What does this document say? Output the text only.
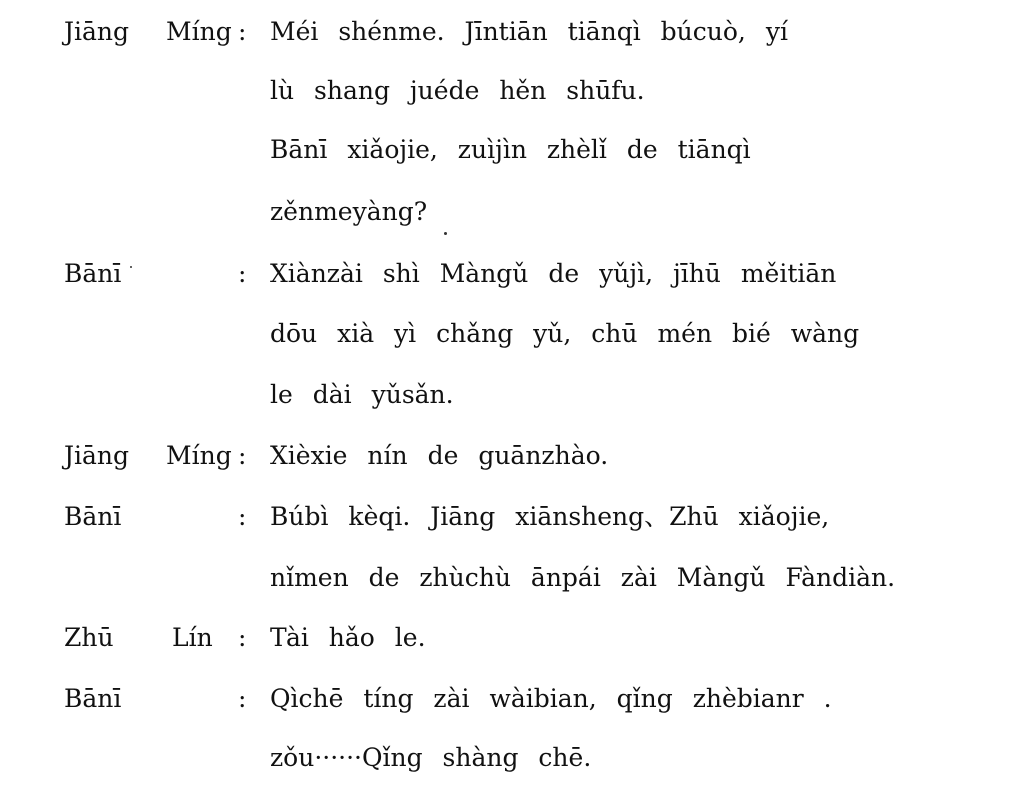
Jiāng Míng : Méi shénme. Jīntiān tiānqì búcuò, yí
lù shang juéde hěn shūfu.
Bānī xiǎojie, zuìjìn zhèlǐ de tiānqì
zěnmeyàng?
Bānī	: Xiànzài shì Màngǔ de yǔjì, jīhū měitiān
dōu xià yì chǎng yǔ, chū mén bié wàng
le dài yǔsǎn.
Jiāng Míng : Xièxie nín de guānzhào.
Bānī	: Búbì kèqi. Jiāng xiānsheng、Zhū xiǎojie,
nǐmen de zhùchù ānpái zài Màngǔ Fàndiàn.
Zhū Lín : Tài hǎo le.
Bānī	: Qìchē tíng zài wàibian, qǐng zhèbianr .
zǒu······Qǐng shàng chē.
